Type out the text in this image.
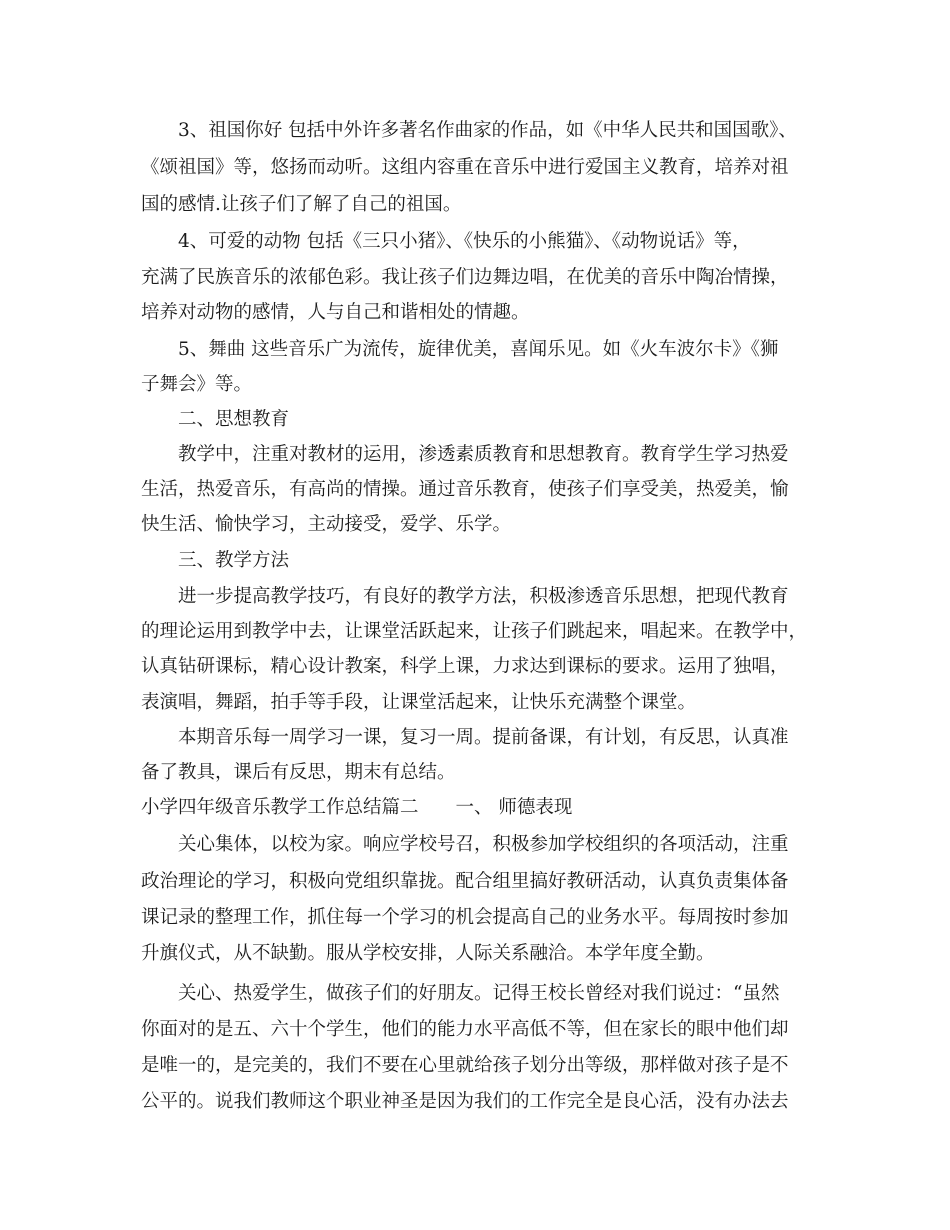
3、祖国你好 包括中外许多著名作曲家的作品，如《中华人民共和国国歌》、
《颂祖国》等，悠扬而动听。这组内容重在音乐中进行爱国主义教育，培养对祖
国的感情.让孩子们了解了自己的祖国。
4、可爱的动物 包括《三只小猪》、《快乐的小熊猫》、《动物说话》等，
充满了民族音乐的浓郁色彩。我让孩子们边舞边唱，在优美的音乐中陶冶情操，
培养对动物的感情，人与自己和谐相处的情趣。
5、舞曲 这些音乐广为流传，旋律优美，喜闻乐见。如《火车波尔卡》《狮
子舞会》等。
二、思想教育
教学中，注重对教材的运用，渗透素质教育和思想教育。教育学生学习热爱
生活，热爱音乐，有高尚的情操。通过音乐教育，使孩子们享受美，热爱美，愉
快生活、愉快学习，主动接受，爱学、乐学。
三、教学方法
进一步提高教学技巧，有良好的教学方法，积极渗透音乐思想，把现代教育
的理论运用到教学中去，让课堂活跃起来，让孩子们跳起来，唱起来。在教学中，
认真钻研课标，精心设计教案，科学上课，力求达到课标的要求。运用了独唱，
表演唱，舞蹈，拍手等手段，让课堂活起来，让快乐充满整个课堂。
本期音乐每一周学习一课，复习一周。提前备课，有计划，有反思，认真准
备了教具，课后有反思，期末有总结。
小学四年级音乐教学工作总结篇二　　一、 师德表现
关心集体，以校为家。响应学校号召，积极参加学校组织的各项活动，注重
政治理论的学习，积极向党组织靠拢。配合组里搞好教研活动，认真负责集体备
课记录的整理工作，抓住每一个学习的机会提高自己的业务水平。每周按时参加
升旗仪式，从不缺勤。服从学校安排，人际关系融洽。本学年度全勤。
关心、热爱学生，做孩子们的好朋友。记得王校长曾经对我们说过：“虽然
你面对的是五、六十个学生，他们的能力水平高低不等，但在家长的眼中他们却
是唯一的，是完美的，我们不要在心里就给孩子划分出等级，那样做对孩子是不
公平的。说我们教师这个职业神圣是因为我们的工作完全是良心活，没有办法去
